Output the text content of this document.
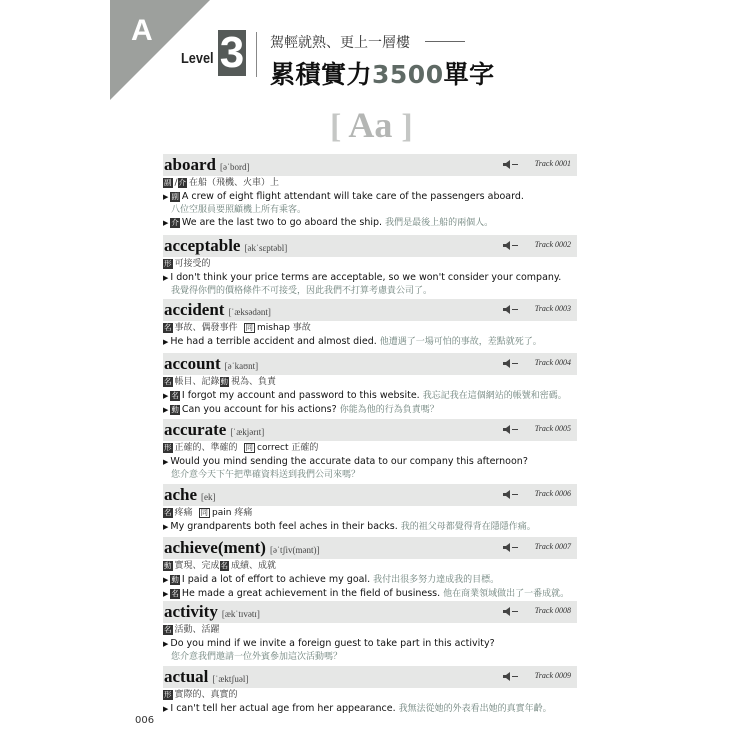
A
Level 3 駕輕就熟、更上一層樓
累積實力3500單字
[ Aa ]
aboard [əˈbord]	Track 0001
副 /介 在船（飛機、火車）上
▶ 副 A crew of eight flight attendant will take care of the passengers aboard.
八位空服員要照顧機上所有乘客。
▶ 介 We are the last two to go aboard the ship. 我們是最後上船的兩個人。
acceptable [əkˈsɛptəbl]	Track 0002
形 可接受的
▶ I don't think your price terms are acceptable, so we won't consider your company.
我覺得你們的價格條件不可接受，因此我們不打算考慮貴公司了。
accident [ˈæksədənt]	Track 0003
名 事故、偶發事件 同 mishap 事故
▶ He had a terrible accident and almost died. 他遭遇了一場可怕的事故，差點就死了。
account [əˈkaʊnt]	Track 0004
名 帳目、記錄動 視為、負責
▶ 名 I forgot my account and password to this website. 我忘記我在這個網站的帳號和密碼。
▶ 動 Can you account for his actions? 你能為他的行為負責嗎？
accurate [ˈækjərɪt]	Track 0005
形 正確的、準確的 同 correct 正確的
▶ Would you mind sending the accurate data to our company this afternoon?
您介意今天下午把準確資料送到我們公司來嗎？
ache [ek]	Track 0006
名 疼痛 同 pain 疼痛
▶ My grandparents both feel aches in their backs. 我的祖父母都覺得背在隱隱作痛。
achieve(ment) [əˈtʃiv(mənt)]	Track 0007
動 實現、完成名 成績、成就
▶ 動 I paid a lot of effort to achieve my goal. 我付出很多努力達成我的目標。
▶ 名 He made a great achievement in the field of business. 他在商業領域做出了一番成就。
activity [ækˈtɪvətɪ]	Track 0008
名 活動、活躍
▶ Do you mind if we invite a foreign guest to take part in this activity?
您介意我們邀請一位外賓參加這次活動嗎？
actual [ˈæktʃuəl]	Track 0009
形 實際的、真實的
▶ I can't tell her actual age from her appearance. 我無法從她的外表看出她的真實年齡。
006
